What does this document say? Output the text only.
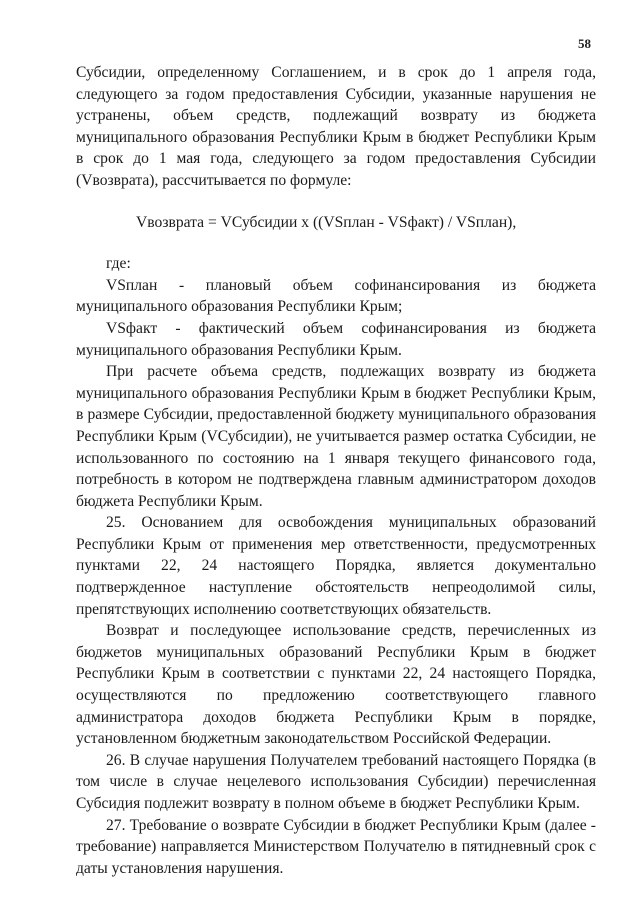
58

Субсидии, определенному Соглашением, и в срок до 1 апреля года, следующего за годом предоставления Субсидии, указанные нарушения не устранены, объем средств, подлежащий возврату из бюджета муниципального образования Республики Крым в бюджет Республики Крым в срок до 1 мая года, следующего за годом предоставления Субсидии (Vвозврата), рассчитывается по формуле:

Vвозврата = VСубсидии x ((VSплан - VSфакт) / VSплан),

где:

VSплан - плановый объем софинансирования из бюджета муниципального образования Республики Крым;

VSфакт - фактический объем софинансирования из бюджета муниципального образования Республики Крым.

При расчете объема средств, подлежащих возврату из бюджета муниципального образования Республики Крым в бюджет Республики Крым, в размере Субсидии, предоставленной бюджету муниципального образования Республики Крым (VСубсидии), не учитывается размер остатка Субсидии, не использованного по состоянию на 1 января текущего финансового года, потребность в котором не подтверждена главным администратором доходов бюджета Республики Крым.

25. Основанием для освобождения муниципальных образований Республики Крым от применения мер ответственности, предусмотренных пунктами 22, 24 настоящего Порядка, является документально подтвержденное наступление обстоятельств непреодолимой силы, препятствующих исполнению соответствующих обязательств.

Возврат и последующее использование средств, перечисленных из бюджетов муниципальных образований Республики Крым в бюджет Республики Крым в соответствии с пунктами 22, 24 настоящего Порядка, осуществляются по предложению соответствующего главного администратора доходов бюджета Республики Крым в порядке, установленном бюджетным законодательством Российской Федерации.

26. В случае нарушения Получателем требований настоящего Порядка (в том числе в случае нецелевого использования Субсидии) перечисленная Субсидия подлежит возврату в полном объеме в бюджет Республики Крым.

27. Требование о возврате Субсидии в бюджет Республики Крым (далее - требование) направляется Министерством Получателю в пятидневный срок с даты установления нарушения.
